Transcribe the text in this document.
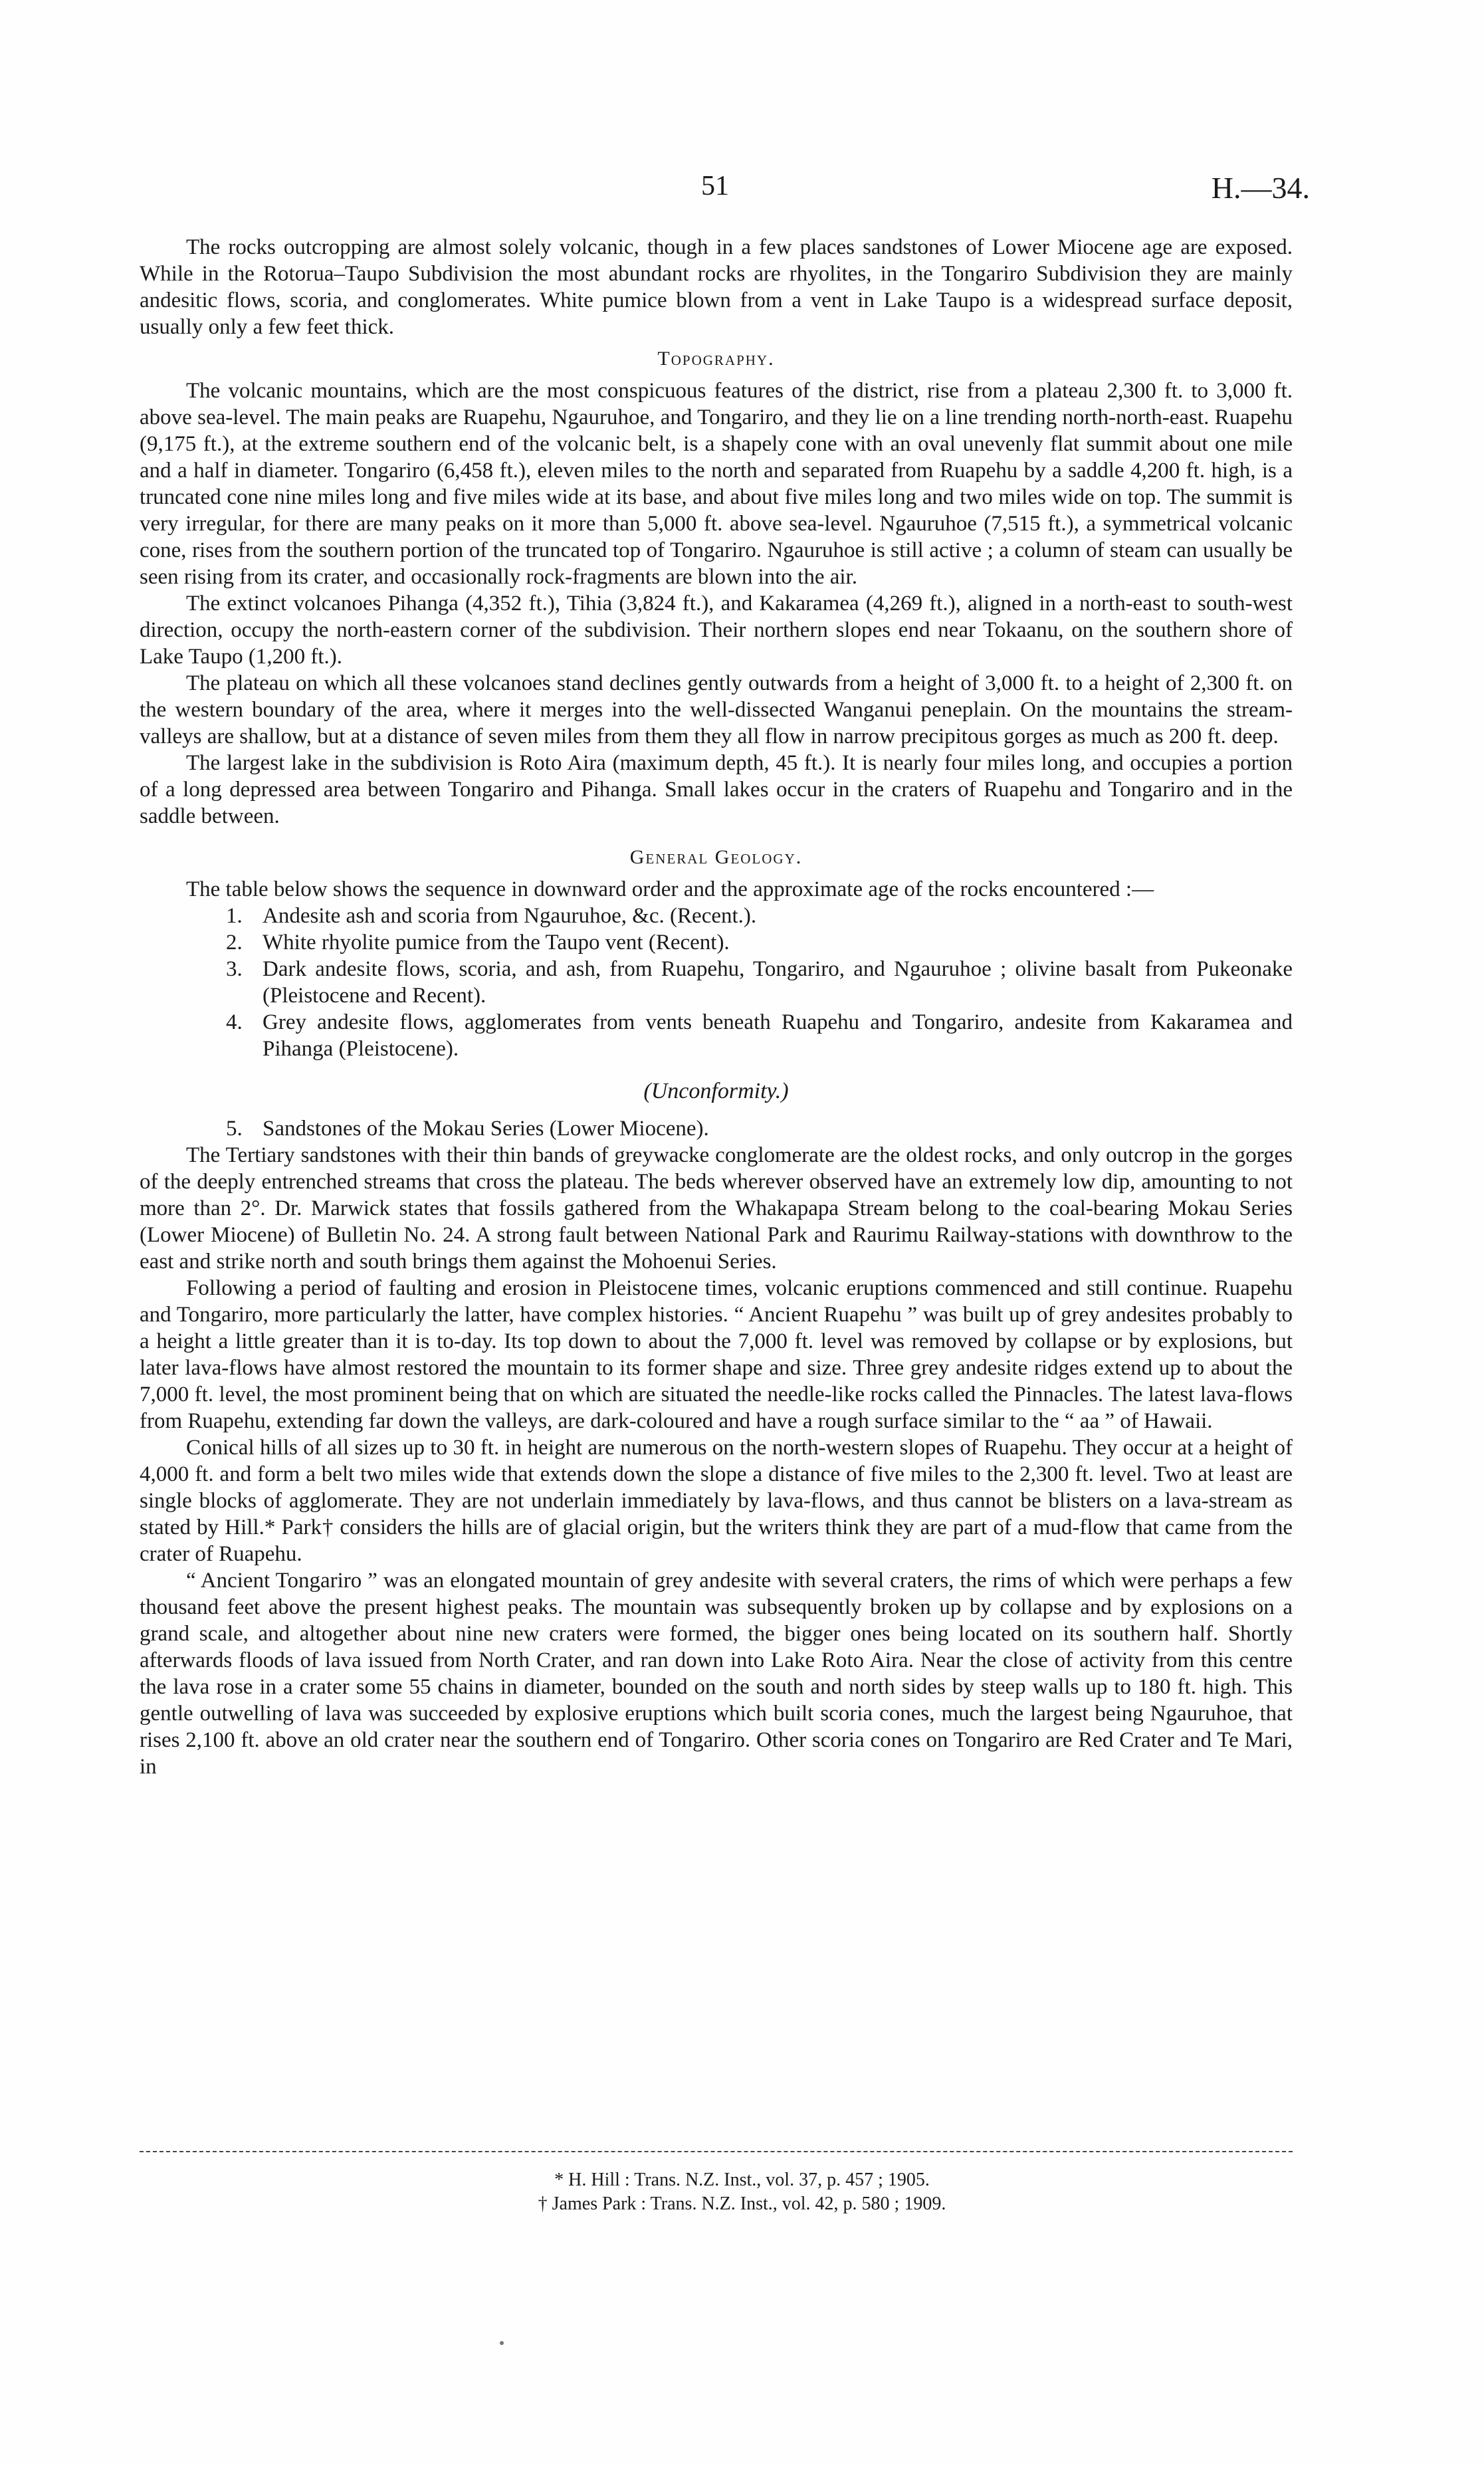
51	H.—34.

The rocks outcropping are almost solely volcanic, though in a few places sandstones of Lower Miocene age are exposed. While in the Rotorua–Taupo Subdivision the most abundant rocks are rhyolites, in the Tongariro Subdivision they are mainly andesitic flows, scoria, and conglomerates. White pumice blown from a vent in Lake Taupo is a widespread surface deposit, usually only a few feet thick.

Topography.

The volcanic mountains, which are the most conspicuous features of the district, rise from a plateau 2,300 ft. to 3,000 ft. above sea-level. The main peaks are Ruapehu, Ngauruhoe, and Tongariro, and they lie on a line trending north-north-east. Ruapehu (9,175 ft.), at the extreme southern end of the volcanic belt, is a shapely cone with an oval unevenly flat summit about one mile and a half in diameter. Tongariro (6,458 ft.), eleven miles to the north and separated from Ruapehu by a saddle 4,200 ft. high, is a truncated cone nine miles long and five miles wide at its base, and about five miles long and two miles wide on top. The summit is very irregular, for there are many peaks on it more than 5,000 ft. above sea-level. Ngauruhoe (7,515 ft.), a symmetrical volcanic cone, rises from the southern portion of the truncated top of Tongariro. Ngauruhoe is still active ; a column of steam can usually be seen rising from its crater, and occasionally rock-fragments are blown into the air.

The extinct volcanoes Pihanga (4,352 ft.), Tihia (3,824 ft.), and Kakaramea (4,269 ft.), aligned in a north-east to south-west direction, occupy the north-eastern corner of the subdivision. Their northern slopes end near Tokaanu, on the southern shore of Lake Taupo (1,200 ft.).

The plateau on which all these volcanoes stand declines gently outwards from a height of 3,000 ft. to a height of 2,300 ft. on the western boundary of the area, where it merges into the well-dissected Wanganui peneplain. On the mountains the stream-valleys are shallow, but at a distance of seven miles from them they all flow in narrow precipitous gorges as much as 200 ft. deep.

The largest lake in the subdivision is Roto Aira (maximum depth, 45 ft.). It is nearly four miles long, and occupies a portion of a long depressed area between Tongariro and Pihanga. Small lakes occur in the craters of Ruapehu and Tongariro and in the saddle between.

General Geology.

The table below shows the sequence in downward order and the approximate age of the rocks encountered :—

1. Andesite ash and scoria from Ngauruhoe, &c. (Recent.).
2. White rhyolite pumice from the Taupo vent (Recent).
3. Dark andesite flows, scoria, and ash, from Ruapehu, Tongariro, and Ngauruhoe ; olivine basalt from Pukeonake (Pleistocene and Recent).
4. Grey andesite flows, agglomerates from vents beneath Ruapehu and Tongariro, andesite from Kakaramea and Pihanga (Pleistocene).
(Unconformity.)
5. Sandstones of the Mokau Series (Lower Miocene).

The Tertiary sandstones with their thin bands of greywacke conglomerate are the oldest rocks, and only outcrop in the gorges of the deeply entrenched streams that cross the plateau. The beds wherever observed have an extremely low dip, amounting to not more than 2°. Dr. Marwick states that fossils gathered from the Whakapapa Stream belong to the coal-bearing Mokau Series (Lower Miocene) of Bulletin No. 24. A strong fault between National Park and Raurimu Railway-stations with downthrow to the east and strike north and south brings them against the Mohoenui Series.

Following a period of faulting and erosion in Pleistocene times, volcanic eruptions commenced and still continue. Ruapehu and Tongariro, more particularly the latter, have complex histories. “ Ancient Ruapehu ” was built up of grey andesites probably to a height a little greater than it is to-day. Its top down to about the 7,000 ft. level was removed by collapse or by explosions, but later lava-flows have almost restored the mountain to its former shape and size. Three grey andesite ridges extend up to about the 7,000 ft. level, the most prominent being that on which are situated the needle-like rocks called the Pinnacles. The latest lava-flows from Ruapehu, extending far down the valleys, are dark-coloured and have a rough surface similar to the “ aa ” of Hawaii.

Conical hills of all sizes up to 30 ft. in height are numerous on the north-western slopes of Ruapehu. They occur at a height of 4,000 ft. and form a belt two miles wide that extends down the slope a distance of five miles to the 2,300 ft. level. Two at least are single blocks of agglomerate. They are not underlain immediately by lava-flows, and thus cannot be blisters on a lava-stream as stated by Hill.* Park† considers the hills are of glacial origin, but the writers think they are part of a mud-flow that came from the crater of Ruapehu.

“ Ancient Tongariro ” was an elongated mountain of grey andesite with several craters, the rims of which were perhaps a few thousand feet above the present highest peaks. The mountain was subsequently broken up by collapse and by explosions on a grand scale, and altogether about nine new craters were formed, the bigger ones being located on its southern half. Shortly afterwards floods of lava issued from North Crater, and ran down into Lake Roto Aira. Near the close of activity from this centre the lava rose in a crater some 55 chains in diameter, bounded on the south and north sides by steep walls up to 180 ft. high. This gentle outwelling of lava was succeeded by explosive eruptions which built scoria cones, much the largest being Ngauruhoe, that rises 2,100 ft. above an old crater near the southern end of Tongariro. Other scoria cones on Tongariro are Red Crater and Te Mari, in

* H. Hill : Trans. N.Z. Inst., vol. 37, p. 457 ; 1905.
† James Park : Trans. N.Z. Inst., vol. 42, p. 580 ; 1909.
